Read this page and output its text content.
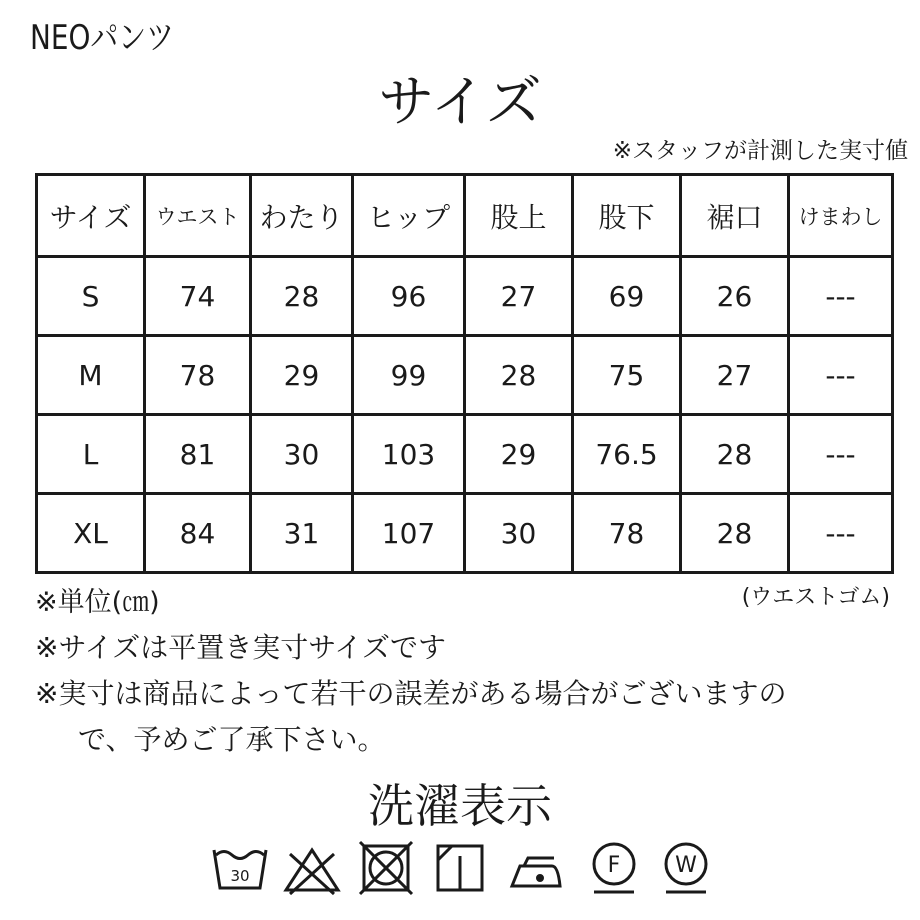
NEOパンツ
サイズ
※スタッフが計測した実寸値
サイズ	ウエスト	わたり	ヒップ	股上	股下	裾口	けまわし
S	74	28	96	27	69	26	---
M	78	29	99	28	75	27	---
L	81	30	103	29	76.5	28	---
XL	84	31	107	30	78	28	---
※単位(㎝)	(ウエストゴム)
※サイズは平置き実寸サイズです
※実寸は商品によって若干の誤差がある場合がございますの
で、予めご了承下さい。
洗濯表示
30	F W
